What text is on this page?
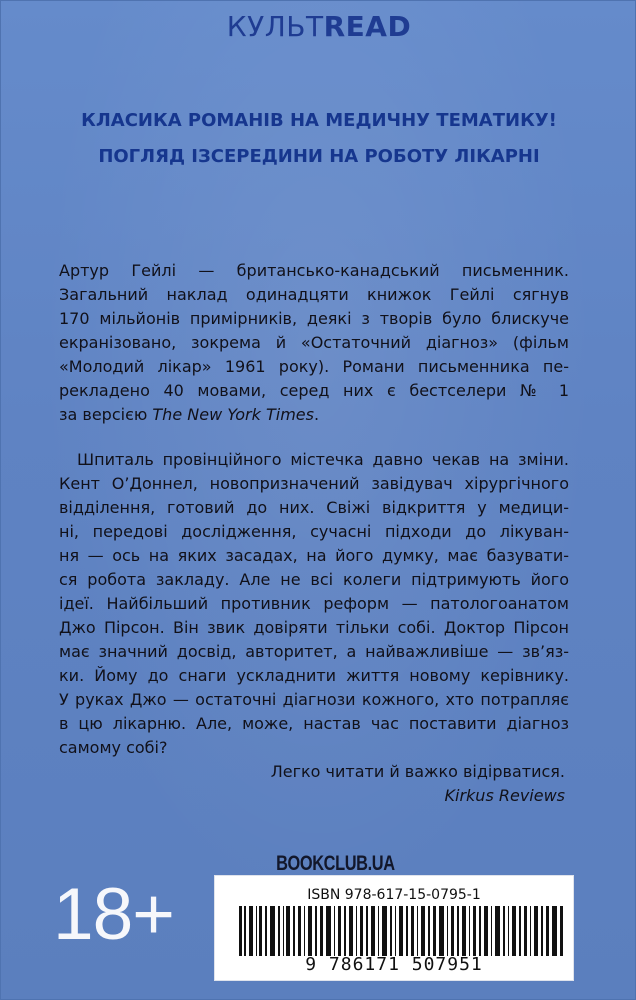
КУЛЬТREAD
КЛАСИКА РОМАНІВ НА МЕДИЧНУ ТЕМАТИКУ!
ПОГЛЯД ІЗСЕРЕДИНИ НА РОБОТУ ЛІКАРНІ
Артур Гейлі — британсько-канадський письменник.
Загальний наклад одинадцяти книжок Гейлі сягнув
170 мільйонів примірників, деякі з творів було блискуче
екранізовано, зокрема й «Остаточний діагноз» (фільм
«Молодий лікар» 1961 року). Романи письменника пе-
рекладено 40 мовами, серед них є бестселери № 1
за версією The New York Times.
Шпиталь провінційного містечка давно чекав на зміни.
Кент О’Доннел, новопризначений завідувач хірургічного
відділення, готовий до них. Свіжі відкриття у медици-
ні, передові дослідження, сучасні підходи до лікуван-
ня — ось на яких засадах, на його думку, має базувати-
ся робота закладу. Але не всі колеги підтримують його
ідеї. Найбільший противник реформ — патологоанатом
Джо Пірсон. Він звик довіряти тільки собі. Доктор Пірсон
має значний досвід, авторитет, а найважливіше — зв’яз-
ки. Йому до снаги ускладнити життя новому керівнику.
У руках Джо — остаточні діагнози кожного, хто потрапляє
в цю лікарню. Але, може, настав час поставити діагноз
самому собі?
Легко читати й важко відірватися.
Kirkus Reviews
BOOKCLUB.UA
18+	ISBN 978-617-15-0795-1
9 786171 507951
